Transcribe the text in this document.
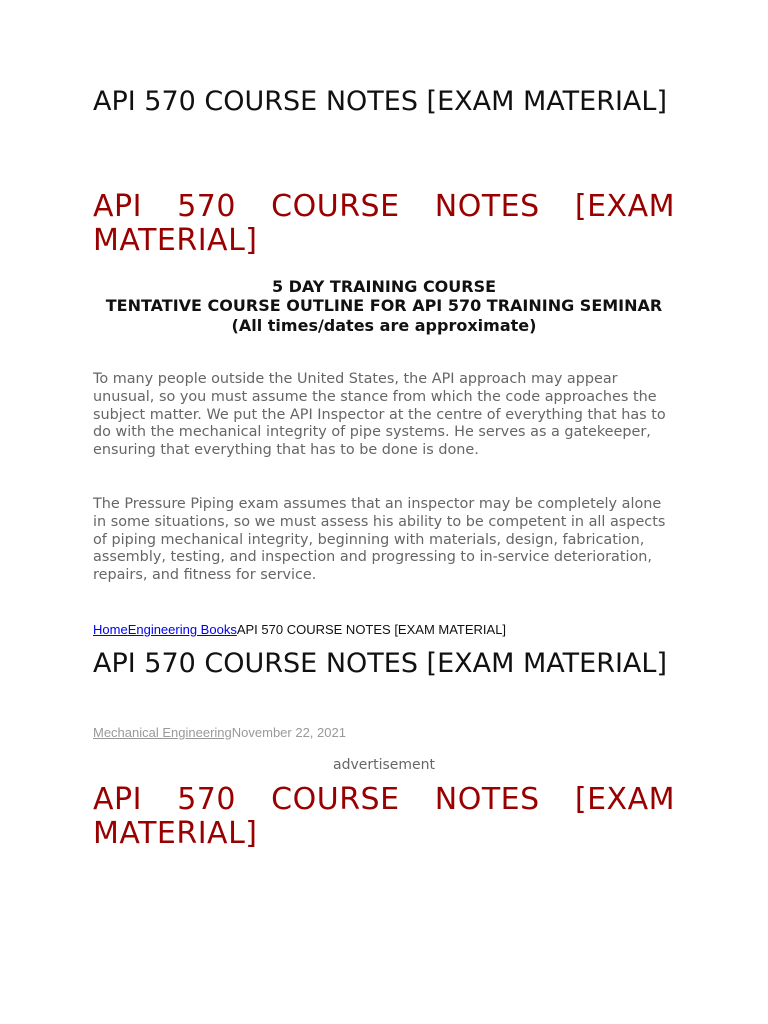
API 570 COURSE NOTES [EXAM MATERIAL]
API 570 COURSE NOTES [EXAM MATERIAL]
5 DAY TRAINING COURSE
TENTATIVE COURSE OUTLINE FOR API 570 TRAINING SEMINAR
(All times/dates are approximate)

To many people outside the United States, the API approach may appear unusual, so you must assume the stance from which the code approaches the subject matter. We put the API Inspector at the centre of everything that has to do with the mechanical integrity of pipe systems. He serves as a gatekeeper, ensuring that everything that has to be done is done.

The Pressure Piping exam assumes that an inspector may be completely alone in some situations, so we must assess his ability to be competent in all aspects of piping mechanical integrity, beginning with materials, design, fabrication, assembly, testing, and inspection and progressing to in-service deterioration, repairs, and fitness for service.

HomeEngineering BooksAPI 570 COURSE NOTES [EXAM MATERIAL]
API 570 COURSE NOTES [EXAM MATERIAL]
Mechanical EngineeringNovember 22, 2021
advertisement
API 570 COURSE NOTES [EXAM MATERIAL]
